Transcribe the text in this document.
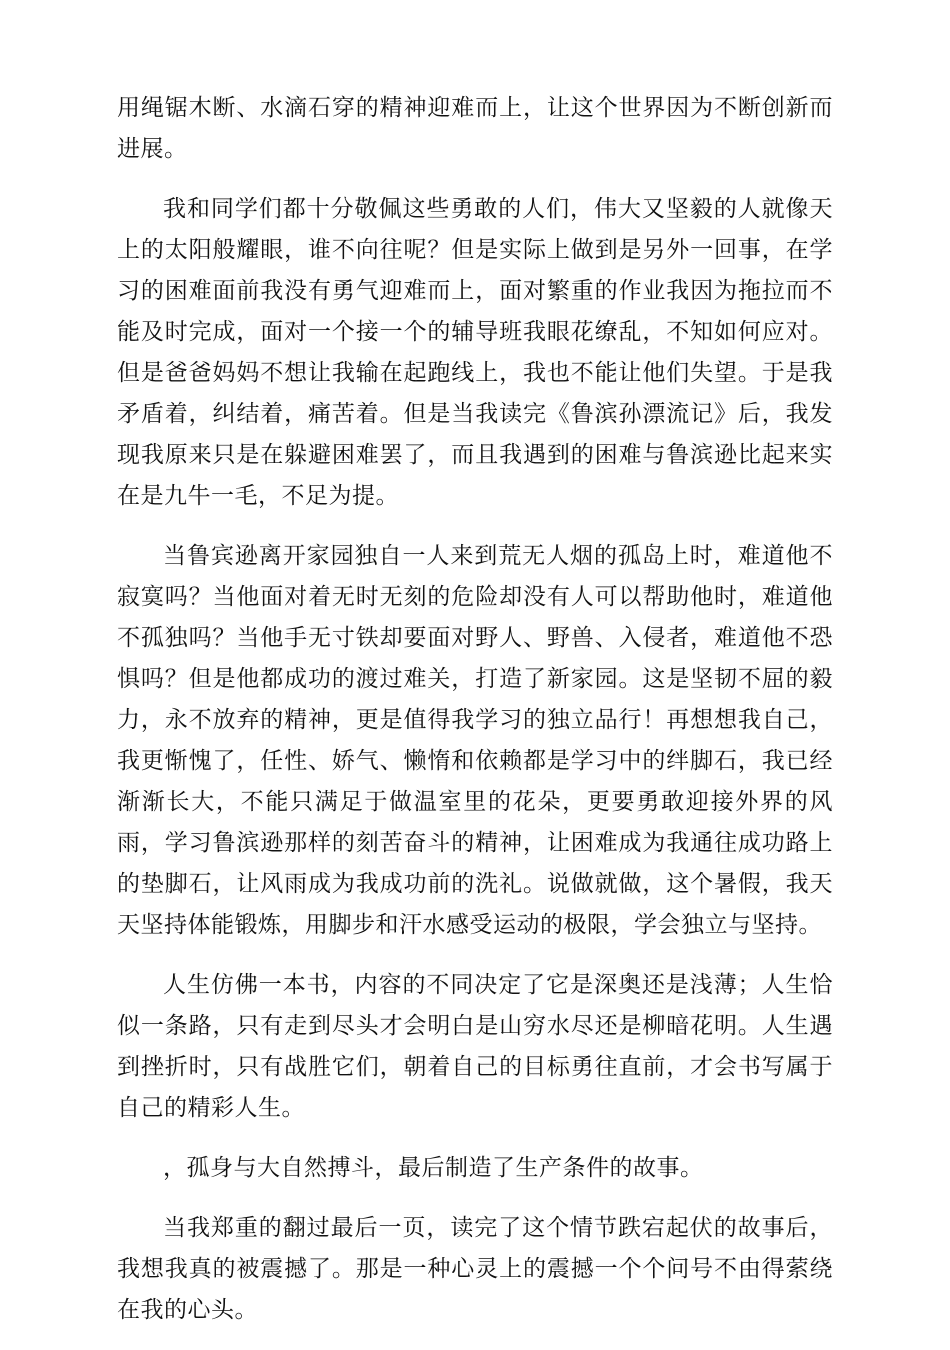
用绳锯木断、水滴石穿的精神迎难而上，让这个世界因为不断创新而进展。

我和同学们都十分敬佩这些勇敢的人们，伟大又坚毅的人就像天上的太阳般耀眼，谁不向往呢？但是实际上做到是另外一回事，在学习的困难面前我没有勇气迎难而上，面对繁重的作业我因为拖拉而不能及时完成，面对一个接一个的辅导班我眼花缭乱，不知如何应对。但是爸爸妈妈不想让我输在起跑线上，我也不能让他们失望。于是我矛盾着，纠结着，痛苦着。但是当我读完《鲁滨孙漂流记》后，我发现我原来只是在躲避困难罢了，而且我遇到的困难与鲁滨逊比起来实在是九牛一毛，不足为提。

当鲁宾逊离开家园独自一人来到荒无人烟的孤岛上时，难道他不寂寞吗？当他面对着无时无刻的危险却没有人可以帮助他时，难道他不孤独吗？当他手无寸铁却要面对野人、野兽、入侵者，难道他不恐惧吗？但是他都成功的渡过难关，打造了新家园。这是坚韧不屈的毅力，永不放弃的精神，更是值得我学习的独立品行！再想想我自己，我更惭愧了，任性、娇气、懒惰和依赖都是学习中的绊脚石，我已经渐渐长大，不能只满足于做温室里的花朵，更要勇敢迎接外界的风雨，学习鲁滨逊那样的刻苦奋斗的精神，让困难成为我通往成功路上的垫脚石，让风雨成为我成功前的洗礼。说做就做，这个暑假，我天天坚持体能锻炼，用脚步和汗水感受运动的极限，学会独立与坚持。

人生仿佛一本书，内容的不同决定了它是深奥还是浅薄；人生恰似一条路，只有走到尽头才会明白是山穷水尽还是柳暗花明。人生遇到挫折时，只有战胜它们，朝着自己的目标勇往直前，才会书写属于自己的精彩人生。

，孤身与大自然搏斗，最后制造了生产条件的故事。

当我郑重的翻过最后一页，读完了这个情节跌宕起伏的故事后，我想我真的被震撼了。那是一种心灵上的震撼一个个问号不由得萦绕在我的心头。
